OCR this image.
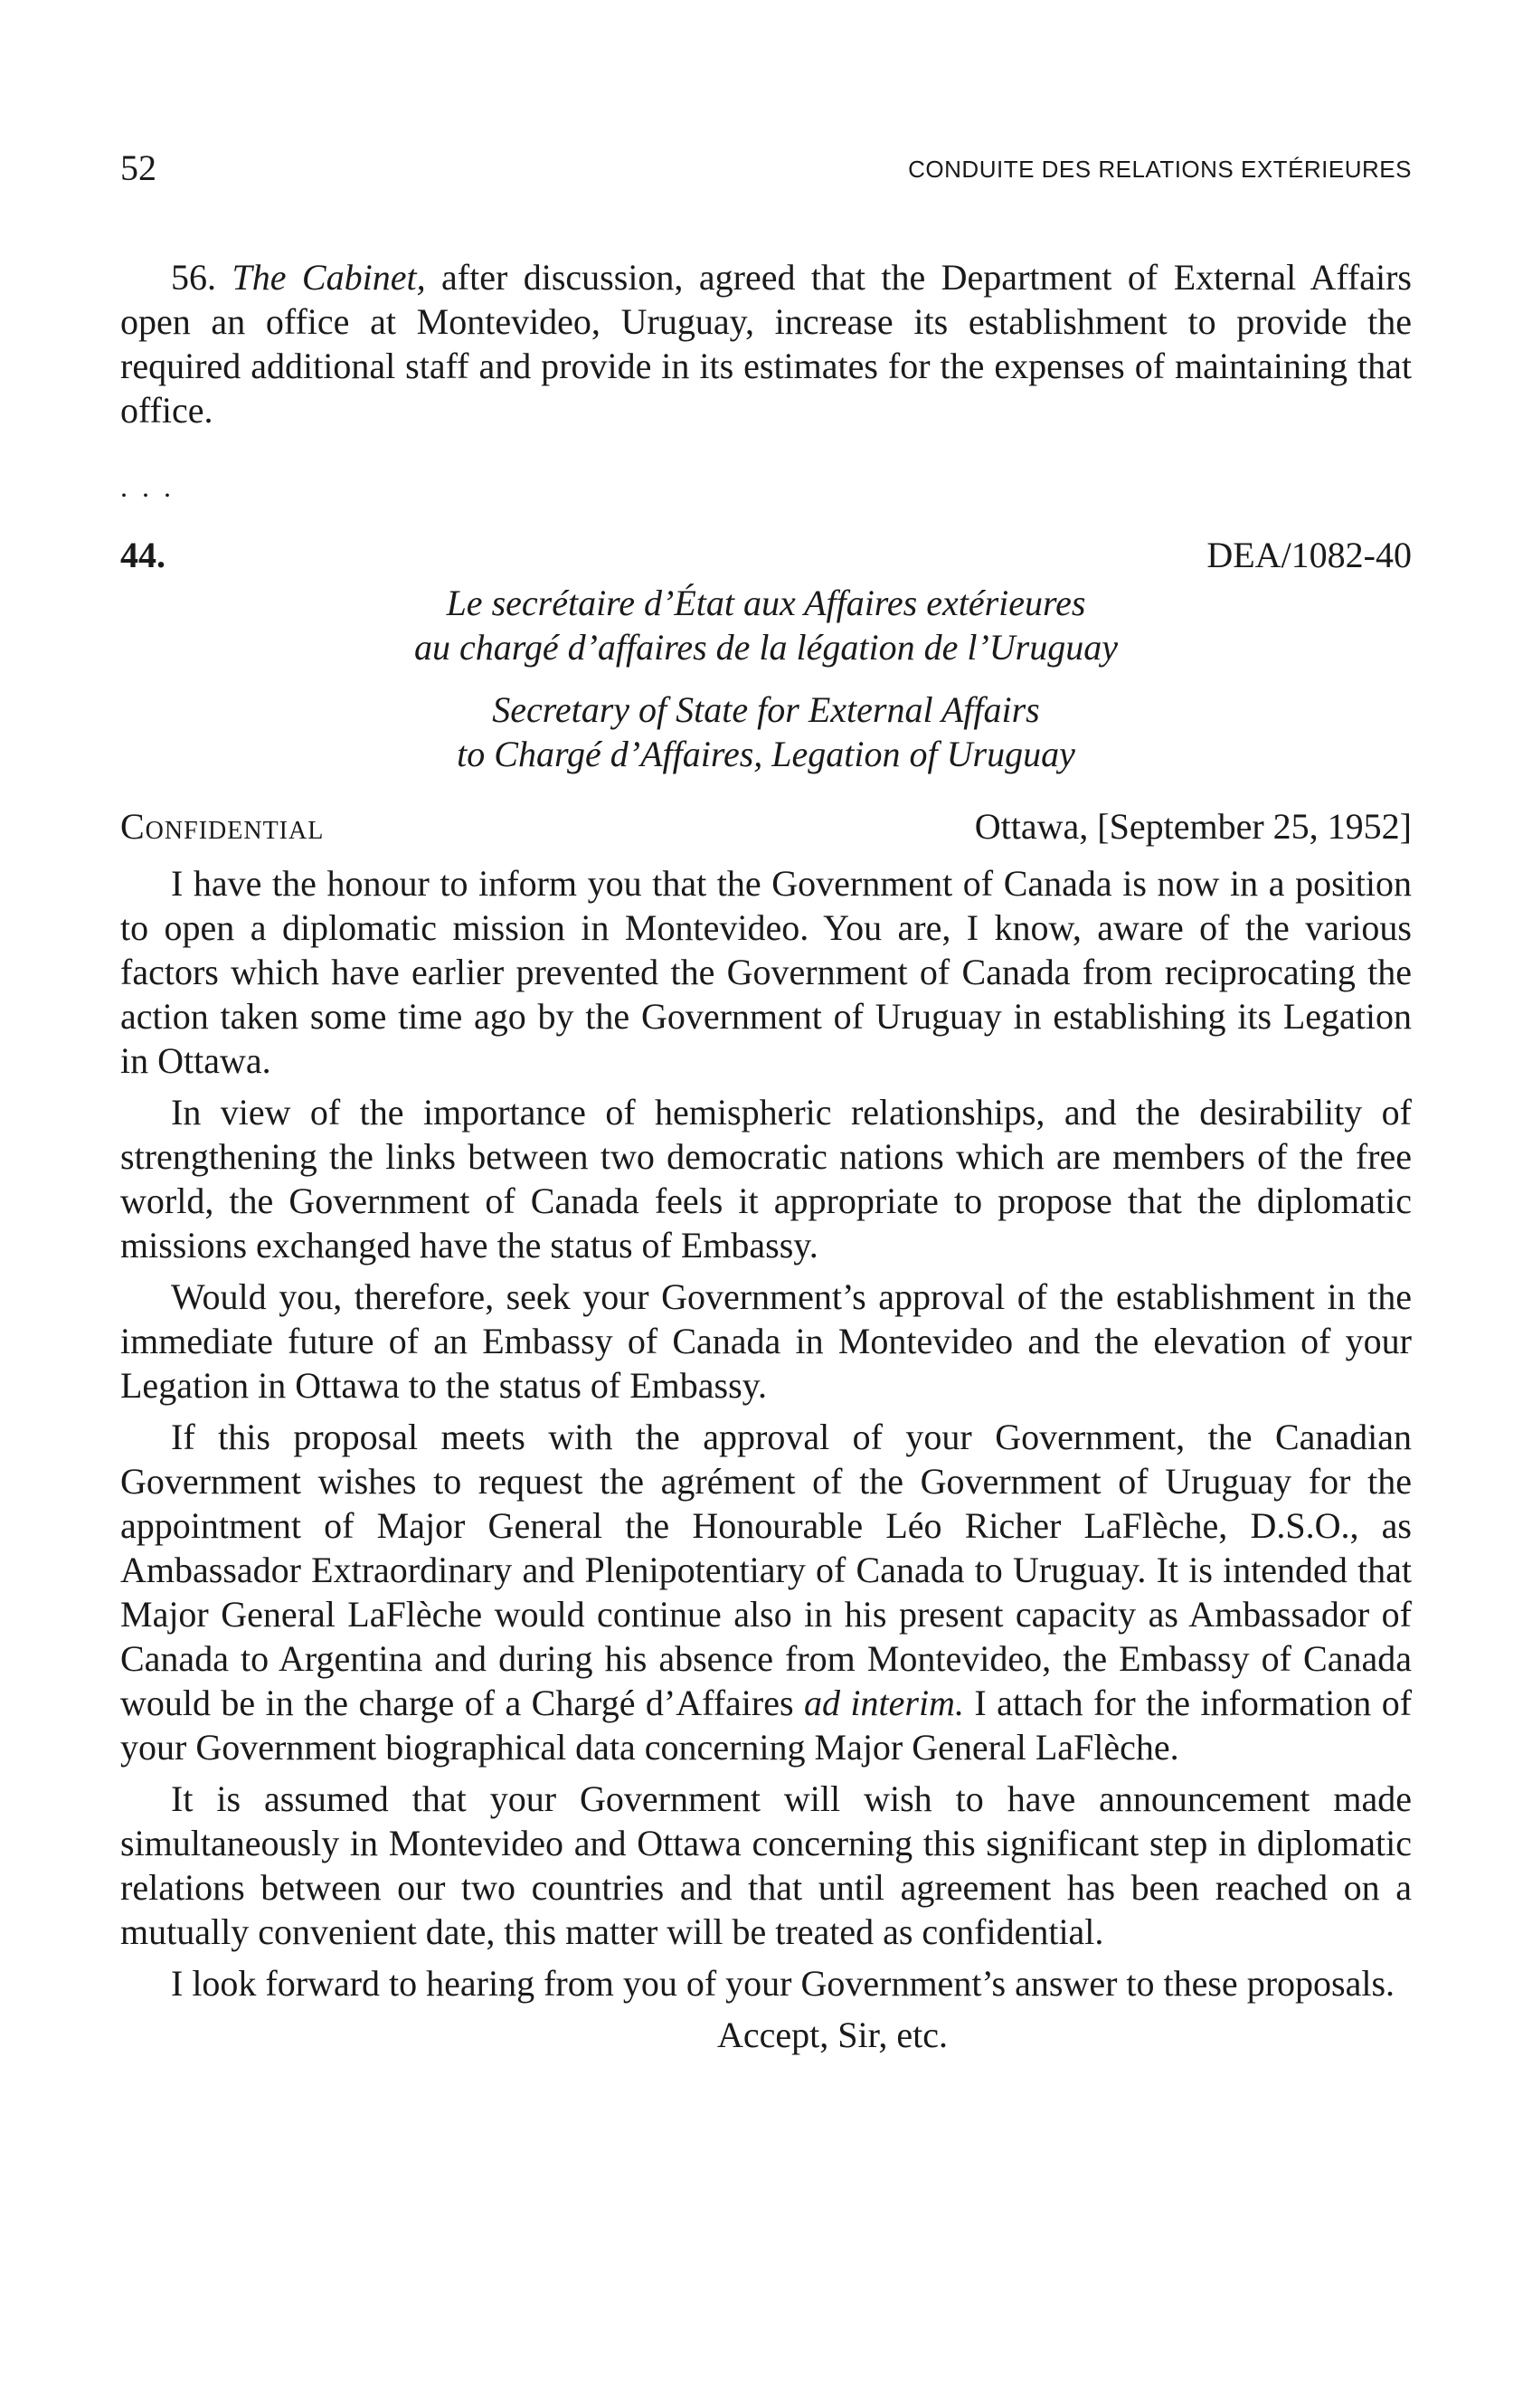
52	CONDUITE DES RELATIONS EXTÉRIEURES

56. The Cabinet, after discussion, agreed that the Department of External Affairs open an office at Montevideo, Uruguay, increase its establishment to provide the required additional staff and provide in its estimates for the expenses of maintaining that office.

. . .
44.	DEA/1082-40
Le secrétaire d’État aux Affaires extérieures
au chargé d’affaires de la légation de l’Uruguay
Secretary of State for External Affairs
to Chargé d’Affaires, Legation of Uruguay
Confidential	Ottawa, [September 25, 1952]

I have the honour to inform you that the Government of Canada is now in a position to open a diplomatic mission in Montevideo. You are, I know, aware of the various factors which have earlier prevented the Government of Canada from reciprocating the action taken some time ago by the Government of Uruguay in establishing its Legation in Ottawa.

In view of the importance of hemispheric relationships, and the desirability of strengthening the links between two democratic nations which are members of the free world, the Government of Canada feels it appropriate to propose that the diplomatic missions exchanged have the status of Embassy.

Would you, therefore, seek your Government’s approval of the establishment in the immediate future of an Embassy of Canada in Montevideo and the elevation of your Legation in Ottawa to the status of Embassy.

If this proposal meets with the approval of your Government, the Canadian Government wishes to request the agrément of the Government of Uruguay for the appointment of Major General the Honourable Léo Richer LaFlèche, D.S.O., as Ambassador Extraordinary and Plenipotentiary of Canada to Uruguay. It is intended that Major General LaFlèche would continue also in his present capacity as Ambassador of Canada to Argentina and during his absence from Montevideo, the Embassy of Canada would be in the charge of a Chargé d’Affaires ad interim. I attach for the information of your Government biographical data concerning Major General LaFlèche.

It is assumed that your Government will wish to have announcement made simultaneously in Montevideo and Ottawa concerning this significant step in diplomatic relations between our two countries and that until agreement has been reached on a mutually convenient date, this matter will be treated as confidential.

I look forward to hearing from you of your Government’s answer to these proposals.

Accept, Sir, etc.
